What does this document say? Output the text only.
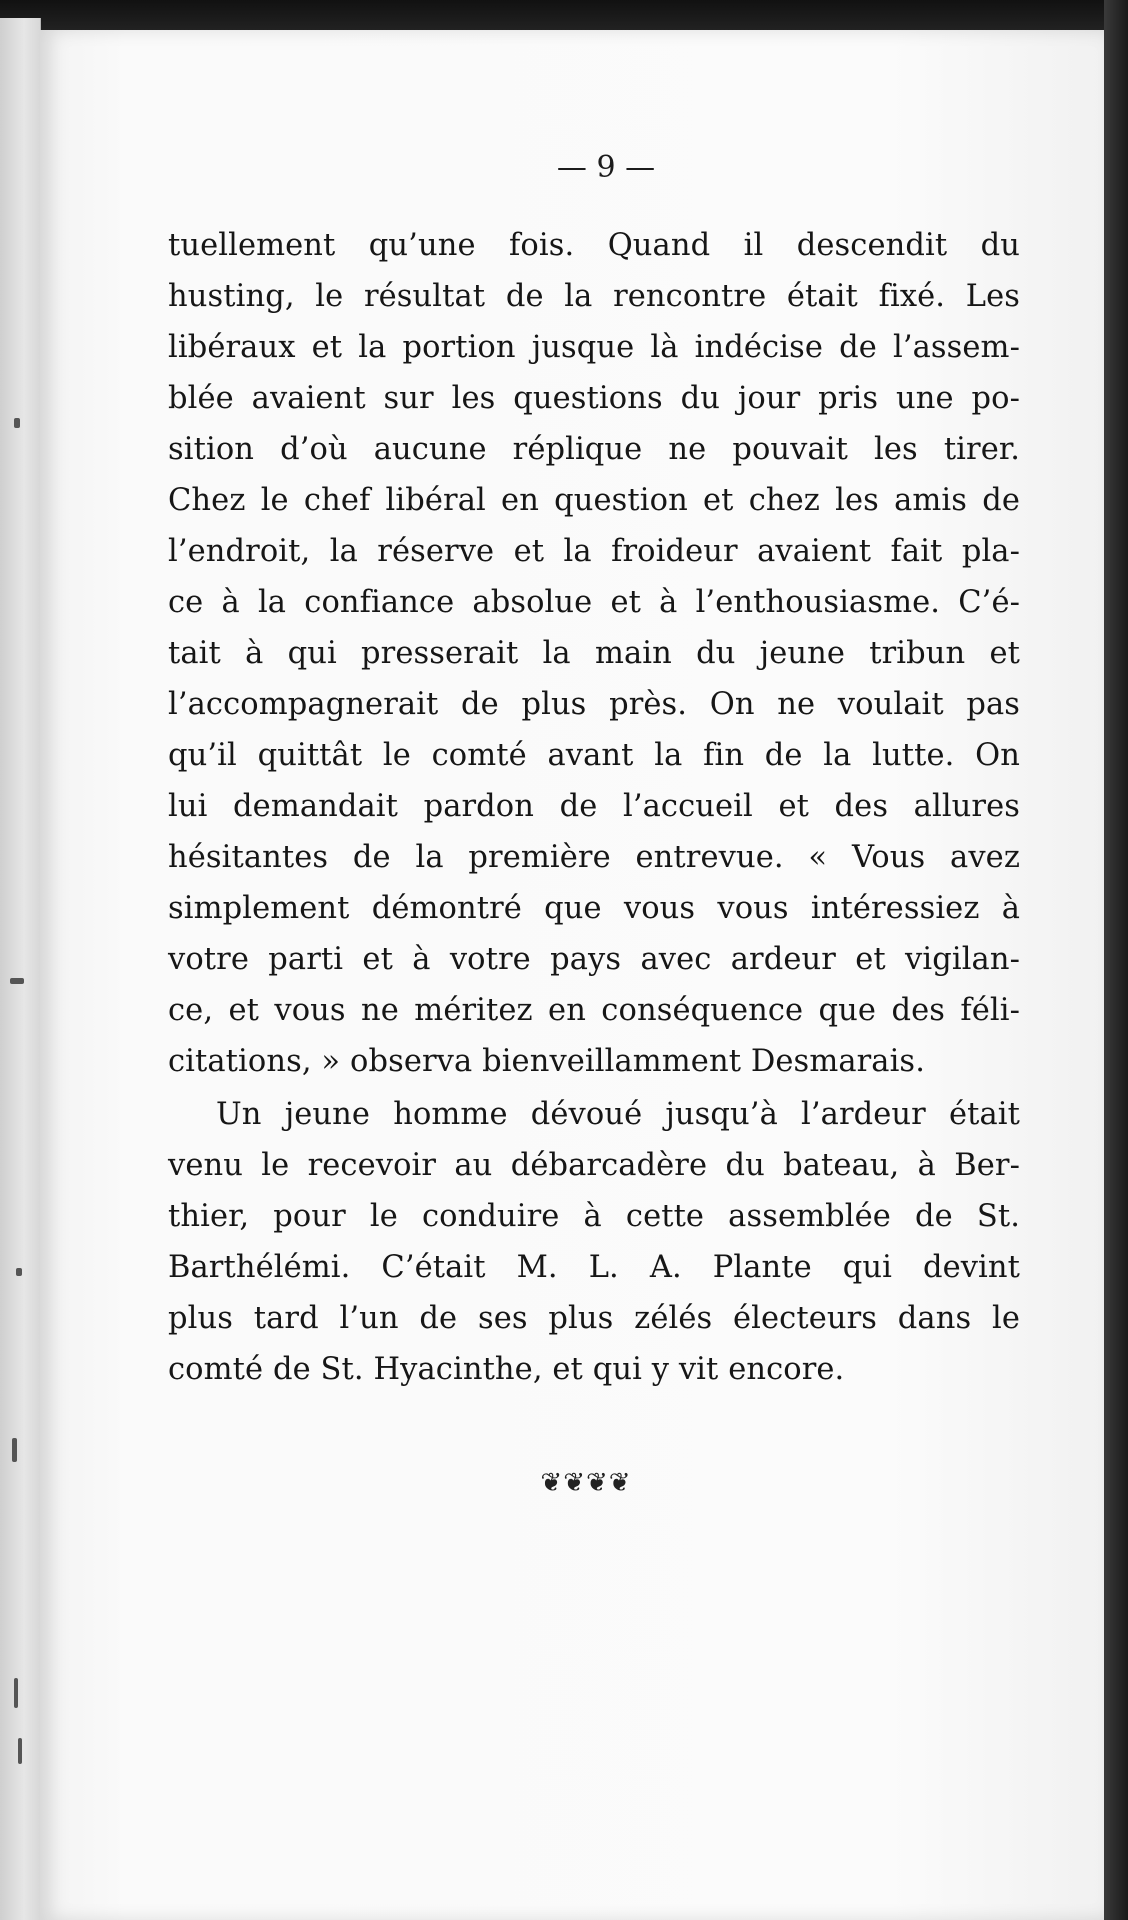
— 9 —
tuellement qu’une fois. Quand il descendit du
husting, le résultat de la rencontre était fixé. Les
libéraux et la portion jusque là indécise de l’assem-
blée avaient sur les questions du jour pris une po-
sition d’où aucune réplique ne pouvait les tirer.
Chez le chef libéral en question et chez les amis de
l’endroit, la réserve et la froideur avaient fait pla-
ce à la confiance absolue et à l’enthousiasme. C’é-
tait à qui presserait la main du jeune tribun et
l’accompagnerait de plus près. On ne voulait pas
qu’il quittât le comté avant la fin de la lutte. On
lui demandait pardon de l’accueil et des allures
hésitantes de la première entrevue. « Vous avez
simplement démontré que vous vous intéressiez à
votre parti et à votre pays avec ardeur et vigilan-
ce, et vous ne méritez en conséquence que des féli-
citations, » observa bienveillamment Desmarais.
Un jeune homme dévoué jusqu’à l’ardeur était
venu le recevoir au débarcadère du bateau, à Ber-
thier, pour le conduire à cette assemblée de St.
Barthélémi. C’était M. L. A. Plante qui devint
plus tard l’un de ses plus zélés électeurs dans le
comté de St. Hyacinthe, et qui y vit encore.
❦❦❦❦
